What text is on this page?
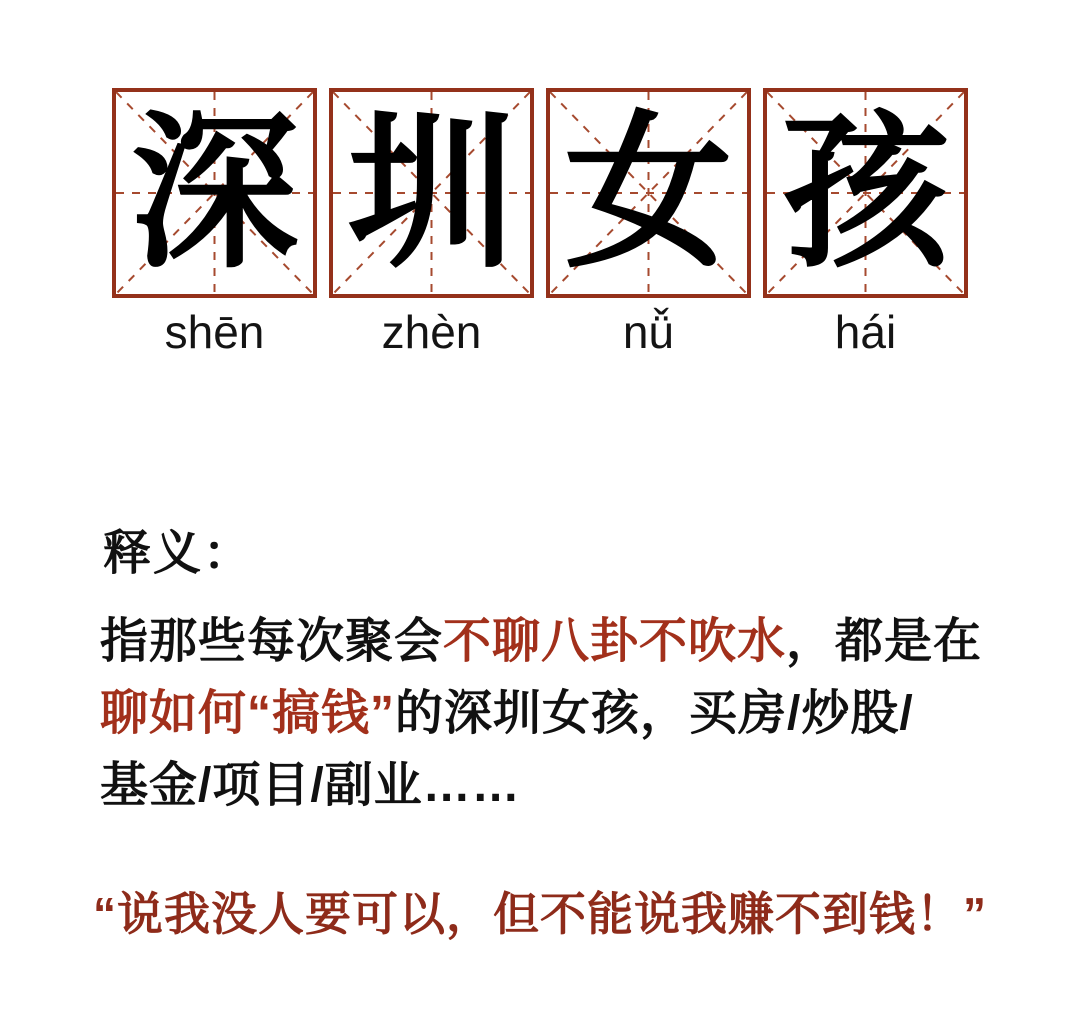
深 圳 女 孩
shēn	zhèn	nǚ	hái
释义：
指那些每次聚会不聊八卦不吹水，都是在
聊如何“搞钱”的深圳女孩，买房/炒股/
基金/项目/副业……
“说我没人要可以，但不能说我赚不到钱！”
